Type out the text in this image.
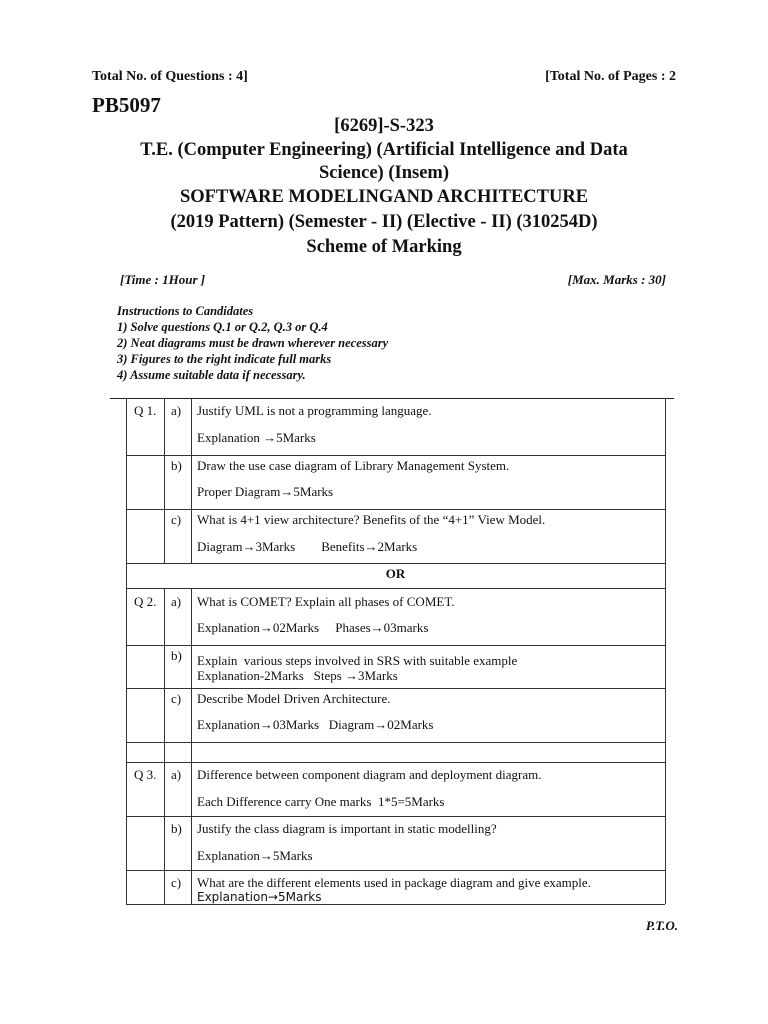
Total No. of Questions : 4]	[Total No. of Pages : 2
PB5097
[6269]-S-323
T.E. (Computer Engineering) (Artificial Intelligence and Data
Science) (Insem)
SOFTWARE MODELINGAND ARCHITECTURE
(2019 Pattern) (Semester - II) (Elective - II) (310254D)
Scheme of Marking
[Time : 1Hour ]	[Max. Marks : 30]
Instructions to Candidates
1) Solve questions Q.1 or Q.2, Q.3 or Q.4
2) Neat diagrams must be drawn wherever necessary
3) Figures to the right indicate full marks
4) Assume suitable data if necessary.
Q 1. a) Justify UML is not a programming language.
Explanation →5Marks
b) Draw the use case diagram of Library Management System.
Proper Diagram→5Marks
c) What is 4+1 view architecture? Benefits of the “4+1” View Model.
Diagram→3Marks        Benefits→2Marks
OR
Q 2. a) What is COMET? Explain all phases of COMET.
Explanation→02Marks     Phases→03marks
b) Explain  various steps involved in SRS with suitable example
Explanation-2Marks   Steps →3Marks
c) Describe Model Driven Architecture.
Explanation→03Marks   Diagram→02Marks
Q 3. a) Difference between component diagram and deployment diagram.
Each Difference carry One marks  1*5=5Marks
b) Justify the class diagram is important in static modelling?
Explanation→5Marks
c) What are the different elements used in package diagram and give example.
Explanation→5Marks
P.T.O.
